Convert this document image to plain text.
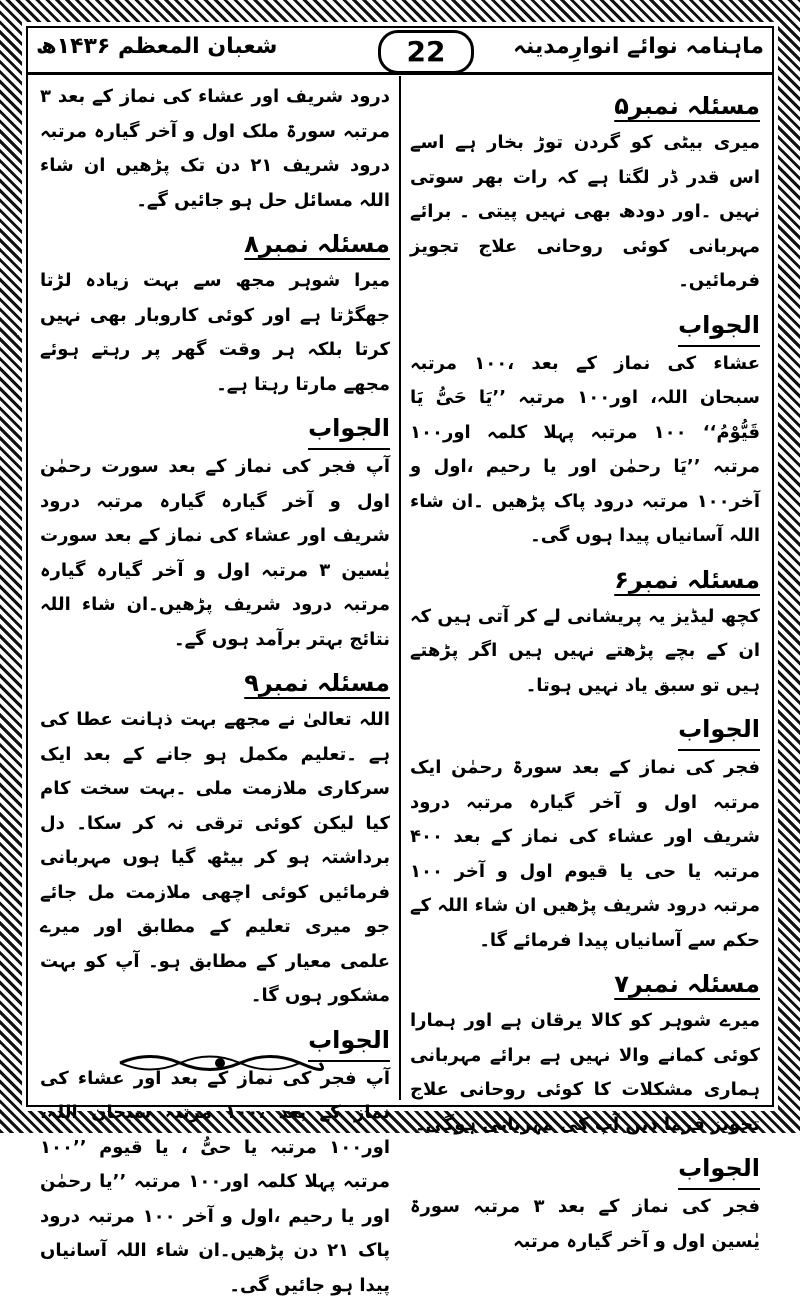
ماہنامہ نوائے انوارِمدینہ
22
شعبان المعظم ۱۴۳۶ھ
مسئلہ نمبر۵
میری بیٹی کو گردن توڑ بخار ہے اسے اس قدر ڈر لگتا ہے کہ رات بھر سوتی نہیں ۔اور دودھ بھی نہیں پیتی ۔ برائے مہربانی کوئی روحانی علاج تجویز فرمائیں۔
الجواب

عشاء کی نماز کے بعد ،۱۰۰ مرتبہ سبحان اللہ، اور۱۰۰ مرتبہ ’’یَا حَیُّ یَا قَیُّوْمُ‘‘ ۱۰۰ مرتبہ پہلا کلمہ اور۱۰۰ مرتبہ ’’یَا رحمٰن اور یا رحیم ،اول و آخر۱۰۰ مرتبہ درود پاک پڑھیں ۔ان شاء اللہ آسانیاں پیدا ہوں گی۔
مسئلہ نمبر۶
کچھ لیڈیز یہ پریشانی لے کر آتی ہیں کہ ان کے بچے پڑھتے نہیں ہیں اگر پڑھتے ہیں تو سبق یاد نہیں ہوتا۔
الجواب

فجر کی نماز کے بعد سورۃ رحمٰن ایک مرتبہ اول و آخر گیارہ مرتبہ درود شریف اور عشاء کی نماز کے بعد ۴۰۰ مرتبہ یا حی یا قیوم اول و آخر ۱۰۰ مرتبہ درود شریف پڑھیں ان شاء اللہ کے حکم سے آسانیاں پیدا فرمائے گا۔
مسئلہ نمبر۷
میرے شوہر کو کالا یرقان ہے اور ہمارا کوئی کمانے والا نہیں ہے برائے مہربانی ہماری مشکلات کا کوئی روحانی علاج تجویز فرما دیں آپ کی مہربانی ہوگی۔
الجواب

فجر کی نماز کے بعد ۳ مرتبہ سورۃ یٰسین اول و آخر گیارہ مرتبہ
درود شریف اور عشاء کی نماز کے بعد ۳ مرتبہ سورۃ ملک اول و آخر گیارہ مرتبہ درود شریف ۲۱ دن تک پڑھیں ان شاء اللہ مسائل حل ہو جائیں گے۔
مسئلہ نمبر۸
میرا شوہر مجھ سے بہت زیادہ لڑتا جھگڑتا ہے اور کوئی کاروبار بھی نہیں کرتا بلکہ ہر وقت گھر پر رہتے ہوئے مجھے مارتا رہتا ہے۔
الجواب

آپ فجر کی نماز کے بعد سورت رحمٰن اول و آخر گیارہ گیارہ مرتبہ درود شریف اور عشاء کی نماز کے بعد سورت یٰسین ۳ مرتبہ اول و آخر گیارہ گیارہ مرتبہ درود شریف پڑھیں۔ان شاء اللہ نتائج بہتر برآمد ہوں گے۔
مسئلہ نمبر۹
اللہ تعالیٰ نے مجھے بہت ذہانت عطا کی ہے ۔تعلیم مکمل ہو جانے کے بعد ایک سرکاری ملازمت ملی ۔بہت سخت کام کیا لیکن کوئی ترقی نہ کر سکا۔ دل برداشتہ ہو کر بیٹھ گیا ہوں مہربانی فرمائیں کوئی اچھی ملازمت مل جائے جو میری تعلیم کے مطابق اور میرے علمی معیار کے مطابق ہو۔ آپ کو بہت مشکور ہوں گا۔
الجواب

آپ فجر کی نماز کے بعد اور عشاء کی نماز کے بعد ،۱۰۰ مرتبہ سبحان اللہ، اور۱۰۰ مرتبہ یا حیُّ ، یا قیوم ’’۱۰۰ مرتبہ پہلا کلمہ اور۱۰۰ مرتبہ ’’یا رحمٰن اور یا رحیم ،اول و آخر ۱۰۰ مرتبہ درود پاک ۲۱ دن پڑھیں۔ان شاء اللہ آسانیاں پیدا ہو جائیں گی۔
